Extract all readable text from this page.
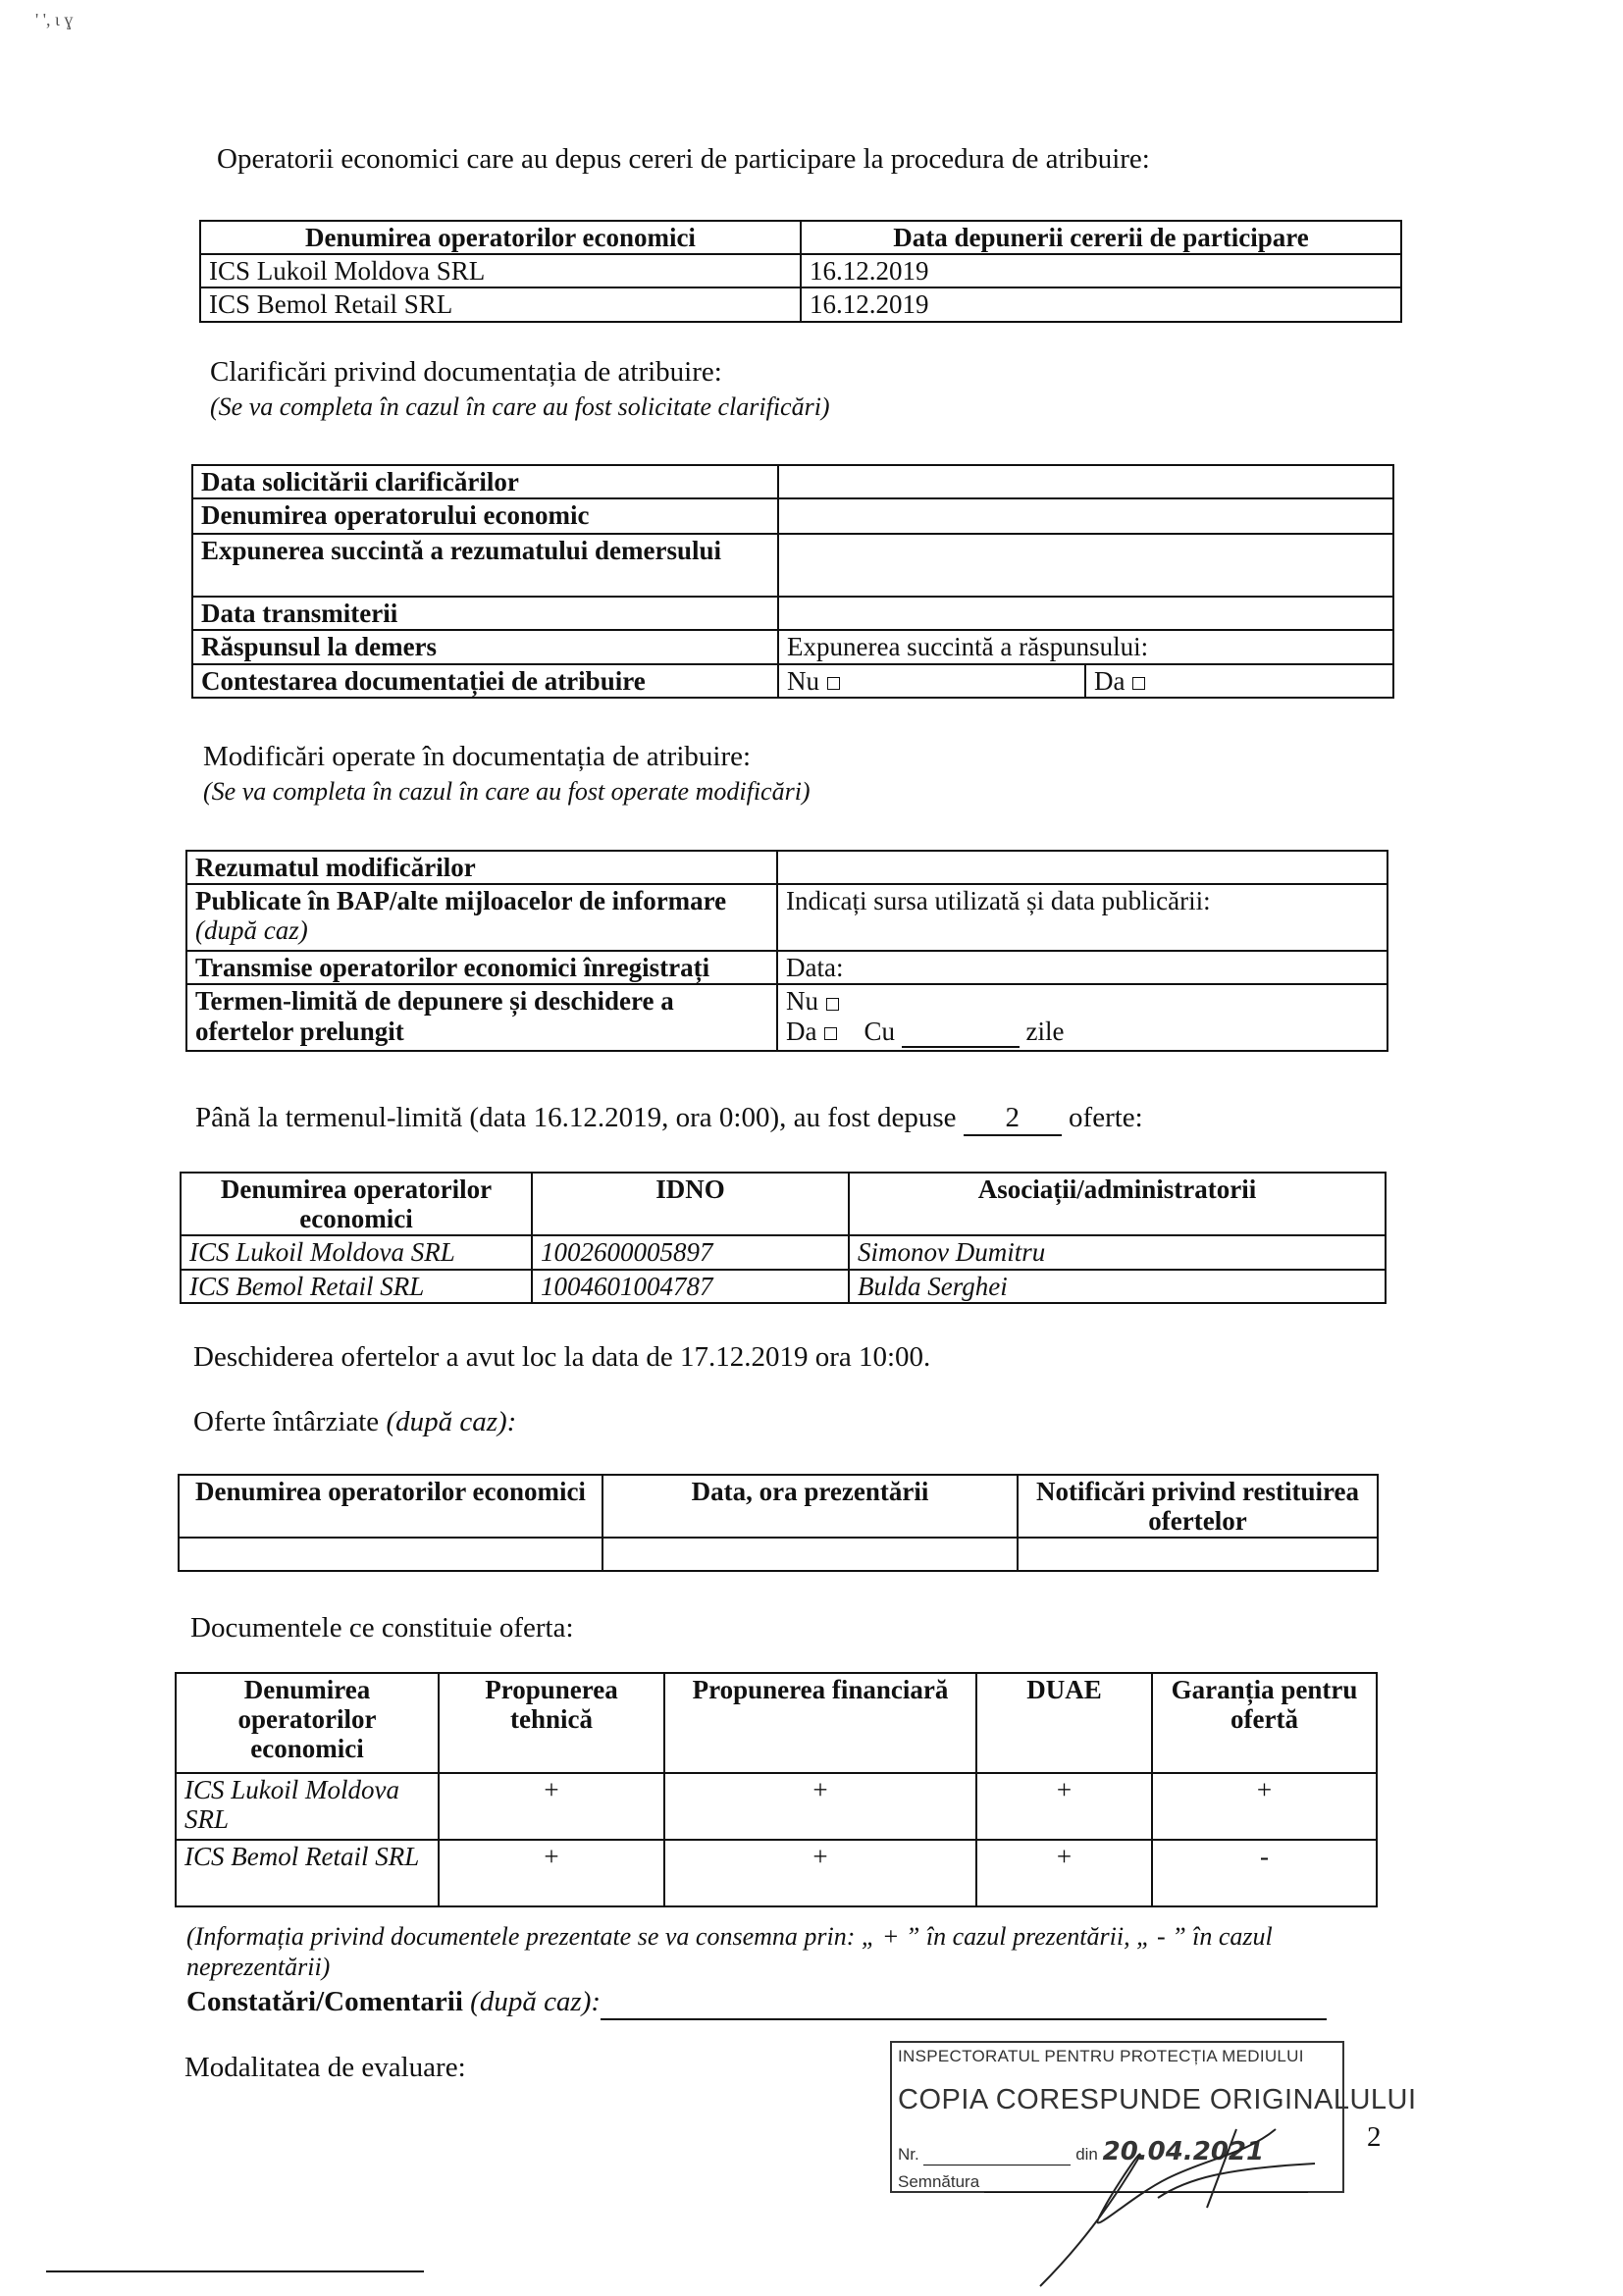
' ', ι ɣ
Operatorii economici care au depus cereri de participare la procedura de atribuire:
Denumirea operatorilor economici	Data depunerii cererii de participare
ICS Lukoil Moldova SRL	16.12.2019
ICS Bemol Retail SRL	16.12.2019
Clarificări privind documentația de atribuire:
(Se va completa în cazul în care au fost solicitate clarificări)
Data solicitării clarificărilor		
Denumirea operatorului economic		
Expunerea succintă a rezumatului demersului		
Data transmiterii		
Răspunsul la demers	Expunerea succintă a răspunsului:	
Contestarea documentației de atribuire	Nu	Da
Modificări operate în documentația de atribuire:
(Se va completa în cazul în care au fost operate modificări)
Rezumatul modificărilor	
Publicate în BAP/alte mijloacelor de informare (după caz)	Indicați sursa utilizată și data publicării:
Transmise operatorilor economici înregistrați	Data:
Termen-limită de depunere și deschidere a ofertelor prelungit	Nu
Da Cu zile
Până la termenul-limită (data 16.12.2019, ora 0:00), au fost depuse 2 oferte:
Denumirea operatorilor economici	IDNO	Asociații/administratorii
ICS Lukoil Moldova SRL	1002600005897	Simonov Dumitru
ICS Bemol Retail SRL	1004601004787	Bulda Serghei
Deschiderea ofertelor a avut loc la data de 17.12.2019 ora 10:00.
Oferte întârziate (după caz):
Denumirea operatorilor economici	Data, ora prezentării	Notificări privind restituirea ofertelor

Documentele ce constituie oferta:
Denumirea operatorilor economici	Propunerea tehnică	Propunerea financiară	DUAE	Garanția pentru ofertă
ICS Lukoil Moldova SRL	+	+	+	+
ICS Bemol Retail SRL	+	+	+	-
(Informația privind documentele prezentate se va consemna prin: „ + ” în cazul prezentării, „ - ” în cazul neprezentării)
Constatări/Comentarii (după caz):
Modalitatea de evaluare:	INSPECTORATUL PENTRU PROTECȚIA MEDIULUI
COPIA CORESPUNDE ORIGINALULUI
Nr.	din 20.04.2021
Semnătura
2
